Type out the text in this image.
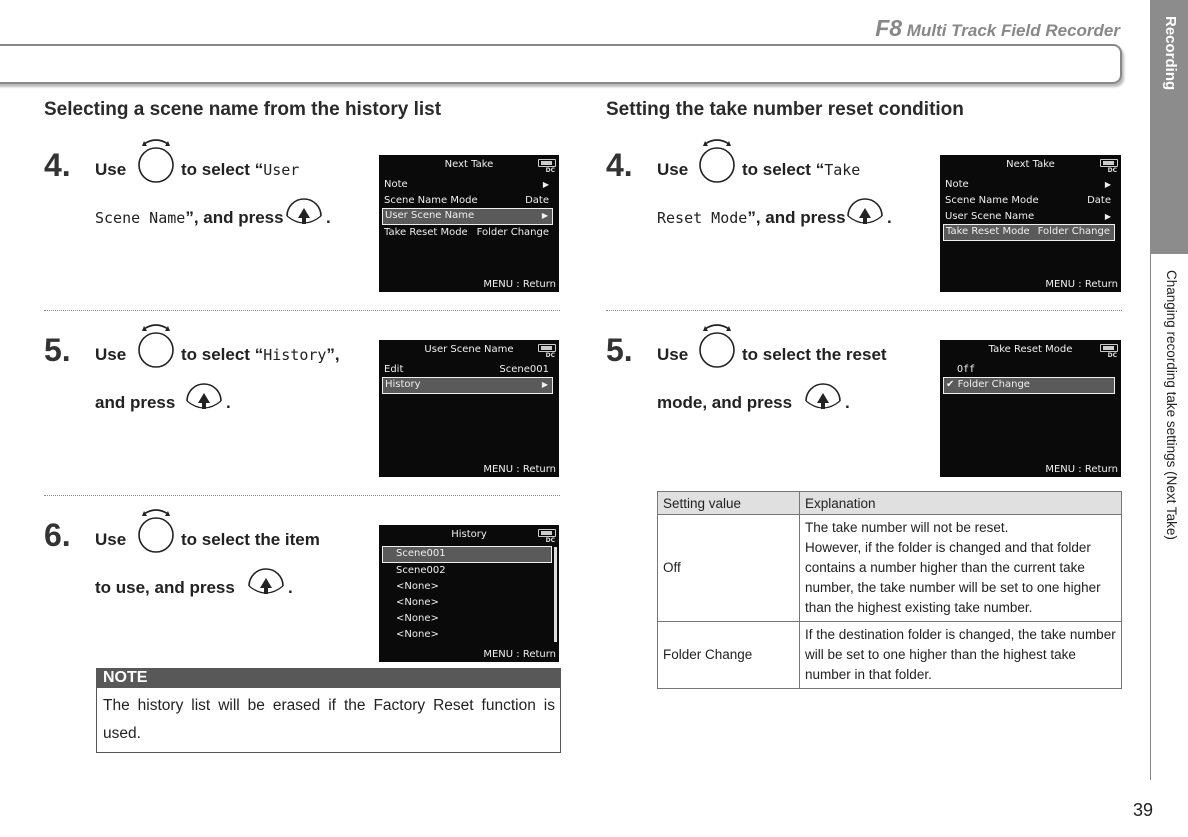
F8 Multi Track Field Recorder	Recording
Changing recording take settings (Next Take)
39
Selecting a scene name from the history list
4 .	Use	to select “User
Scene Name”, and press .
Next Take
DC
Note	▶
Scene Name Mode	Date
User Scene Name	▶
Take Reset Mode Folder Change
MENU : Return
5 .	Use	to select “History”,
and press	.
User Scene Name
DC
Edit	Scene001
History	▶
MENU : Return
6 .	Use	to select the item
to use, and press	.
History
DC
Scene001
Scene002
<None>
<None>
<None>
<None>
MENU : Return
NOTE
The history list will be erased if the Factory Reset function is used.
Setting the take number reset condition
4 .	Use	to select “Take
Reset Mode”, and press .
Next Take
DC
Note	▶
Scene Name Mode	Date
User Scene Name	▶
Take Reset Mode Folder Change
MENU : Return
5 .	Use	to select the reset
mode, and press	.
Take Reset Mode
DC
Off
✔ Folder Change
MENU : Return
Setting value	Explanation
Off	The take number will not be reset.
However, if the folder is changed and that folder contains a number higher than the current take number, the take number will be set to one higher than the highest existing take number.
Folder Change	If the destination folder is changed, the take number will be set to one higher than the highest take number in that folder.
